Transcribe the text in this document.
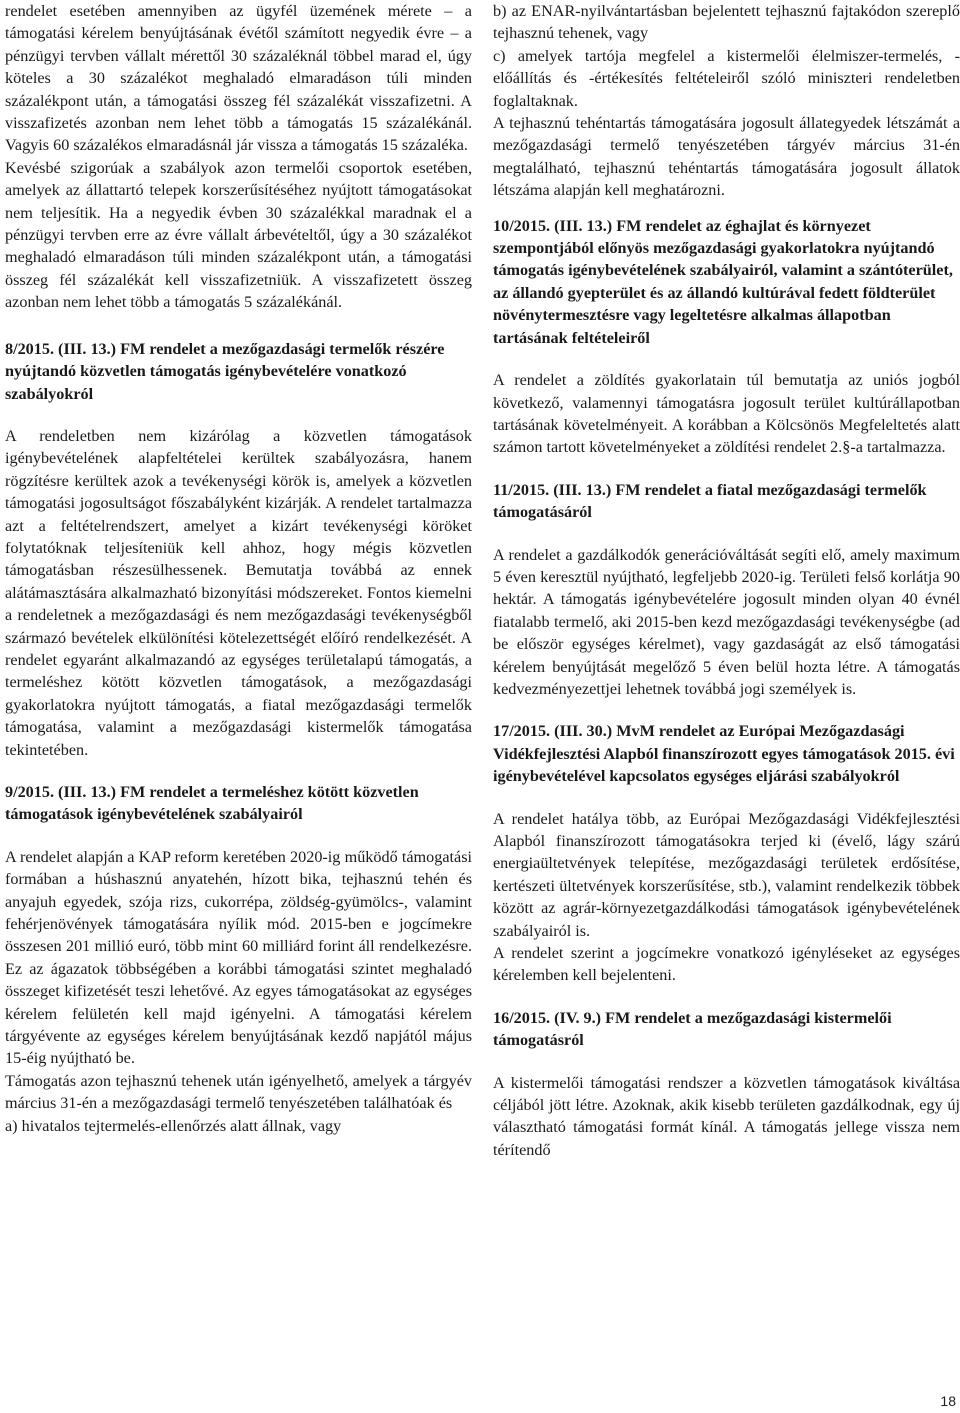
rendelet esetében amennyiben az ügyfél üzemének mérete – a támogatási kérelem benyújtásának évétől számított negyedik évre – a pénzügyi tervben vállalt mérettől 30 százaléknál többel marad el, úgy köteles a 30 százalékot meghaladó elmaradáson túli minden százalékpont után, a támogatási összeg fél százalékát visszafizetni. A visszafizetés azonban nem lehet több a támogatás 15 százalékánál. Vagyis 60 százalékos elmaradásnál jár vissza a támogatás 15 százaléka.

Kevésbé szigorúak a szabályok azon termelői csoportok esetében, amelyek az állattartó telepek korszerűsítéséhez nyújtott támogatásokat nem teljesítik. Ha a negyedik évben 30 százalékkal maradnak el a pénzügyi tervben erre az évre vállalt árbevételtől, úgy a 30 százalékot meghaladó elmaradáson túli minden százalékpont után, a támogatási összeg fél százalékát kell visszafizetniük. A visszafizetett összeg azonban nem lehet több a támogatás 5 százalékánál.

8/2015. (III. 13.) FM rendelet a mezőgazdasági termelők részére nyújtandó közvetlen támogatás igénybevételére vonatkozó szabályokról

A rendeletben nem kizárólag a közvetlen támogatások igénybevételének alapfeltételei kerültek szabályozásra, hanem rögzítésre kerültek azok a tevékenységi körök is, amelyek a közvetlen támogatási jogosultságot főszabályként kizárják. A rendelet tartalmazza azt a feltételrendszert, amelyet a kizárt tevékenységi köröket folytatóknak teljesíteniük kell ahhoz, hogy mégis közvetlen támogatásban részesülhessenek. Bemutatja továbbá az ennek alátámasztására alkalmazható bizonyítási módszereket. Fontos kiemelni a rendeletnek a mezőgazdasági és nem mezőgazdasági tevékenységből származó bevételek elkülönítési kötelezettségét előíró rendelkezését. A rendelet egyaránt alkalmazandó az egységes területalapú támogatás, a termeléshez kötött közvetlen támogatások, a mezőgazdasági gyakorlatokra nyújtott támogatás, a fiatal mezőgazdasági termelők támogatása, valamint a mezőgazdasági kistermelők támogatása tekintetében.

9/2015. (III. 13.) FM rendelet a termeléshez kötött közvetlen támogatások igénybevételének szabályairól

A rendelet alapján a KAP reform keretében 2020-ig működő támogatási formában a húshasznú anyatehén, hízott bika, tejhasznú tehén és anyajuh egyedek, szója rizs, cukorrépa, zöldség-gyümölcs-, valamint fehérjenövények támogatására nyílik mód. 2015-ben e jogcímekre összesen 201 millió euró, több mint 60 milliárd forint áll rendelkezésre. Ez az ágazatok többségében a korábbi támogatási szintet meghaladó összeget kifizetését teszi lehetővé. Az egyes támogatásokat az egységes kérelem felületén kell majd igényelni. A támogatási kérelem tárgyévente az egységes kérelem benyújtásának kezdő napjától május 15-éig nyújtható be.

Támogatás azon tejhasznú tehenek után igényelhető, amelyek a tárgyév március 31-én a mezőgazdasági termelő tenyészetében találhatóak és

a) hivatalos tejtermelés-ellenőrzés alatt állnak, vagy

b) az ENAR-nyilvántartásban bejelentett tejhasznú fajtakódon szereplő tejhasznú tehenek, vagy

c) amelyek tartója megfelel a kistermelői élelmiszer-termelés, -előállítás és -értékesítés feltételeiről szóló miniszteri rendeletben foglaltaknak.

A tejhasznú tehéntartás támogatására jogosult állategyedek létszámát a mezőgazdasági termelő tenyészetében tárgyév március 31-én megtalálható, tejhasznú tehéntartás támogatására jogosult állatok létszáma alapján kell meghatározni.

10/2015. (III. 13.) FM rendelet az éghajlat és környezet szempontjából előnyös mezőgazdasági gyakorlatokra nyújtandó támogatás igénybevételének szabályairól, valamint a szántóterület, az állandó gyepterület és az állandó kultúrával fedett földterület növénytermesztésre vagy legeltetésre alkalmas állapotban tartásának feltételeiről

A rendelet a zöldítés gyakorlatain túl bemutatja az uniós jogból következő, valamennyi támogatásra jogosult terület kultúrállapotban tartásának követelményeit. A korábban a Kölcsönös Megfeleltetés alatt számon tartott követelményeket a zöldítési rendelet 2.§-a tartalmazza.

11/2015. (III. 13.) FM rendelet a fiatal mezőgazdasági termelők támogatásáról

A rendelet a gazdálkodók generációváltását segíti elő, amely maximum 5 éven keresztül nyújtható, legfeljebb 2020-ig. Területi felső korlátja 90 hektár. A támogatás igénybevételére jogosult minden olyan 40 évnél fiatalabb termelő, aki 2015-ben kezd mezőgazdasági tevékenységbe (ad be először egységes kérelmet), vagy gazdaságát az első támogatási kérelem benyújtását megelőző 5 éven belül hozta létre. A támogatás kedvezményezettjei lehetnek továbbá jogi személyek is.

17/2015. (III. 30.) MvM rendelet az Európai Mezőgazdasági Vidékfejlesztési Alapból finanszírozott egyes támogatások 2015. évi igénybevételével kapcsolatos egységes eljárási szabályokról

A rendelet hatálya több, az Európai Mezőgazdasági Vidékfejlesztési Alapból finanszírozott támogatásokra terjed ki (évelő, lágy szárú energiaültetvények telepítése, mezőgazdasági területek erdősítése, kertészeti ültetvények korszerűsítése, stb.), valamint rendelkezik többek között az agrár-környezetgazdálkodási támogatások igénybevételének szabályairól is.

A rendelet szerint a jogcímekre vonatkozó igényléseket az egységes kérelemben kell bejelenteni.

16/2015. (IV. 9.) FM rendelet a mezőgazdasági kistermelői támogatásról

A kistermelői támogatási rendszer a közvetlen támogatások kiváltása céljából jött létre. Azoknak, akik kisebb területen gazdálkodnak, egy új választható támogatási formát kínál. A támogatás jellege vissza nem térítendő

18
